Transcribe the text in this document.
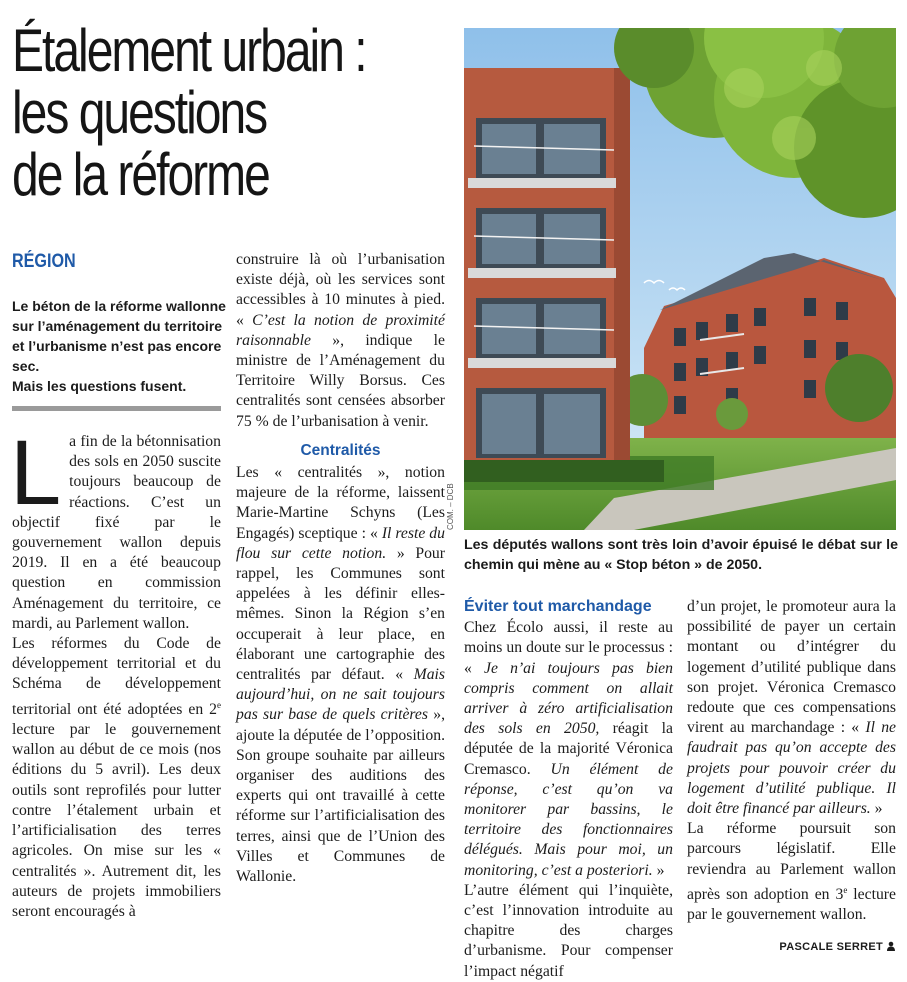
Étalement urbain :
les questions
de la réforme
RÉGION

Le béton de la réforme wallonne sur l’aménagement du territoire et l’urbanisme n’est pas encore sec.

Mais les questions fusent.

La fin de la bétonnisation des sols en 2050 suscite toujours beaucoup de réactions. C’est un objectif fixé par le gouvernement wallon depuis 2019. Il en a été beaucoup question en commission Aménagement du territoire, ce mardi, au Parlement wallon.

Les réformes du Code de développement territorial et du Schéma de développement territorial ont été adoptées en 2e lecture par le gouvernement wallon au début de ce mois (nos éditions du 5 avril). Les deux outils sont reprofilés pour lutter contre l’étalement urbain et l’artificialisation des terres agricoles. On mise sur les « centralités ». Autrement dit, les auteurs de projets immobiliers seront encouragés à

construire là où l’urbanisation existe déjà, où les services sont accessibles à 10 minutes à pied. « C’est la notion de proximité raisonnable », indique le ministre de l’Aménagement du Territoire Willy Borsus. Ces centralités sont censées absorber 75 % de l’urbanisation à venir.

Centralités

Les « centralités », notion majeure de la réforme, laissent Marie-Martine Schyns (Les Engagés) sceptique : « Il reste du flou sur cette notion. » Pour rappel, les Communes sont appelées à les définir elles-mêmes. Sinon la Région s’en occuperait à leur place, en élaborant une cartographie des centralités par défaut. « Mais aujourd’hui, on ne sait toujours pas sur base de quels critères », ajoute la députée de l’opposition. Son groupe souhaite par ailleurs organiser des auditions des experts qui ont travaillé à cette réforme sur l’artificialisation des terres, ainsi que de l’Union des Villes et Communes de Wallonie.

COM. – DCB
Les députés wallons sont très loin d’avoir épuisé le débat sur le chemin qui mène au « Stop béton » de 2050.
Éviter tout marchandage

Chez Écolo aussi, il reste au moins un doute sur le processus : « Je n’ai toujours pas bien compris comment on allait arriver à zéro artificialisation des sols en 2050, réagit la députée de la majorité Véronica Cremasco. Un élément de réponse, c’est qu’on va monitorer par bassins, le territoire des fonctionnaires délégués. Mais pour moi, un monitoring, c’est a posteriori. »

L’autre élément qui l’inquiète, c’est l’innovation introduite au chapitre des charges d’urbanisme. Pour compenser l’impact négatif

d’un projet, le promoteur aura la possibilité de payer un certain montant ou d’intégrer du logement d’utilité publique dans son projet. Véronica Cremasco redoute que ces compensations virent au marchandage : « Il ne faudrait pas qu’on accepte des projets pour pouvoir créer du logement d’utilité publique. Il doit être financé par ailleurs. »

La réforme poursuit son parcours législatif. Elle reviendra au Parlement wallon après son adoption en 3e lecture par le gouvernement wallon.

PASCALE SERRET
